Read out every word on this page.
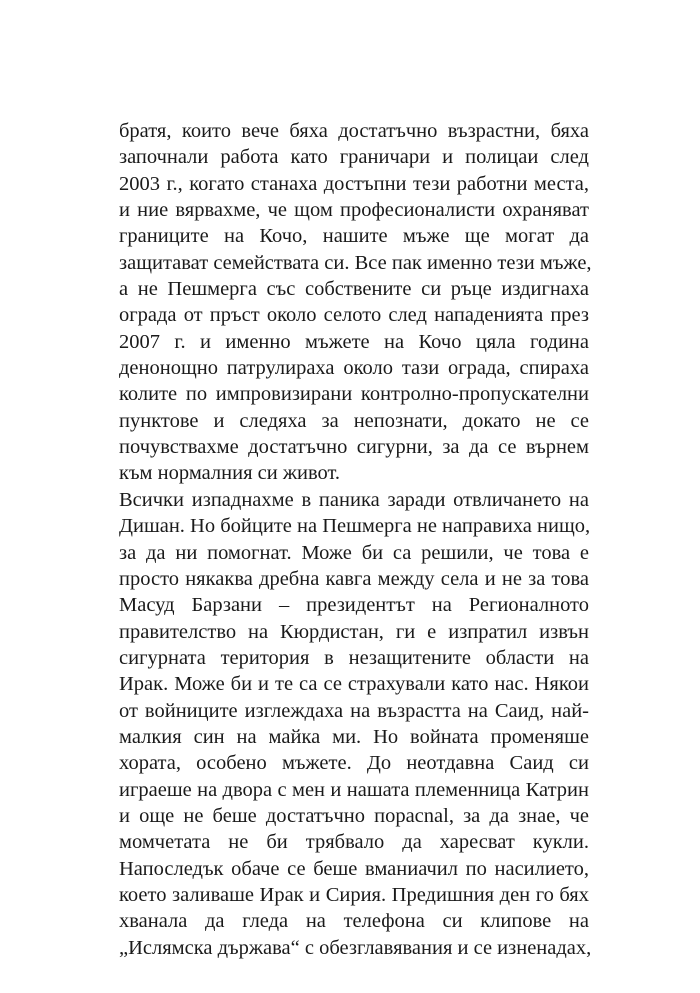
братя, които вече бяха достатъчно възрастни, бяха
започнали работа като граничари и полицаи след
2003 г., когато станаха достъпни тези работни места,
и ние вярвахме, че щом професионалисти охраняват
границите на Кочо, нашите мъже ще могат да
защитават семействата си. Все пак именно тези мъже,
а не Пешмерга със собствените си ръце издигнаха
ограда от пръст около селото след нападенията през
2007 г. и именно мъжете на Кочо цяла година
денонощно патрулираха около тази ограда, спираха
колите по импровизирани контролно-пропускателни
пунктове и следяха за непознати, докато не се
почувствахме достатъчно сигурни, за да се върнем
към нормалния си живот.
Всички изпаднахме в паника заради отвличането на
Дишан. Но бойците на Пешмерга не направиха нищо,
за да ни помогнат. Може би са решили, че това е
просто някаква дребна кавга между села и не за това
Масуд Барзани – президентът на Регионалното
правителство на Кюрдистан, ги е изпратил извън
сигурната територия в незащитените области на
Ирак. Може би и те са се страхували като нас. Някои
от войниците изглеждаха на възрастта на Саид, най-
малкия син на майка ми. Но войната променяше
хората, особено мъжете. До неотдавна Саид си
играеше на двора с мен и нашата племенница Катрин
и още не беше достатъчно порасnal, за да знае, че
момчетата не би трябвало да харесват кукли.
Напоследък обаче се беше вманиачил по насилието,
което заливаше Ирак и Сирия. Предишния ден го бях
хванала да гледа на телефона си клипове на
„Ислямска държава“ с обезглавявания и се изненадах,
